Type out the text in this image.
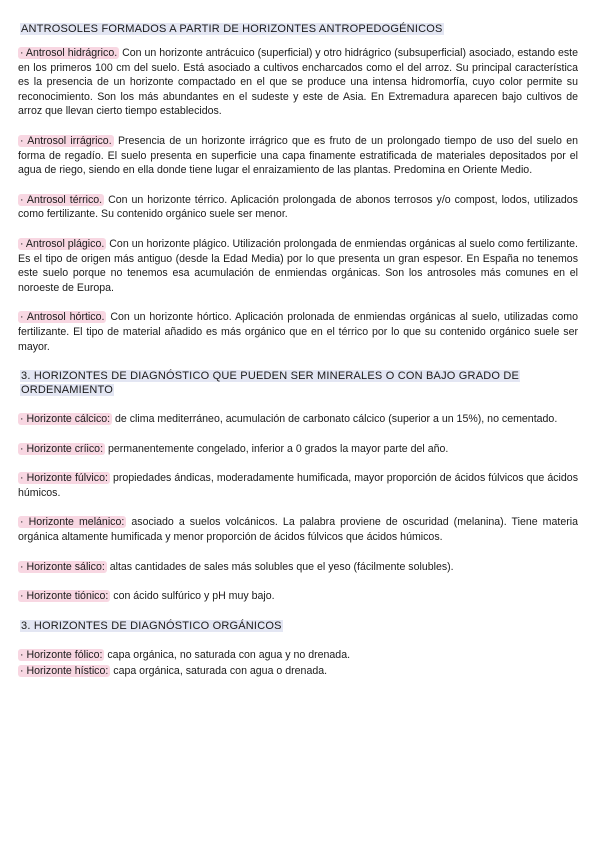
ANTROSOLES FORMADOS A PARTIR DE HORIZONTES ANTROPEDOGÉNICOS

· Antrosol hidrágrico. Con un horizonte antrácuico (superficial) y otro hidrágrico (subsuperficial) asociado, estando este en los primeros 100 cm del suelo. Está asociado a cultivos encharcados como el del arroz. Su principal característica es la presencia de un horizonte compactado en el que se produce una intensa hidromorfía, cuyo color permite su reconocimiento. Son los más abundantes en el sudeste y este de Asia. En Extremadura aparecen bajo cultivos de arroz que llevan cierto tiempo establecidos.

· Antrosol irrágrico. Presencia de un horizonte irrágrico que es fruto de un prolongado tiempo de uso del suelo en forma de regadío. El suelo presenta en superficie una capa finamente estratificada de materiales depositados por el agua de riego, siendo en ella donde tiene lugar el enraizamiento de las plantas. Predomina en Oriente Medio.

· Antrosol térrico. Con un horizonte térrico. Aplicación prolongada de abonos terrosos y/o compost, lodos, utilizados como fertilizante. Su contenido orgánico suele ser menor.

· Antrosol plágico. Con un horizonte plágico. Utilización prolongada de enmiendas orgánicas al suelo como fertilizante. Es el tipo de origen más antiguo (desde la Edad Media) por lo que presenta un gran espesor. En España no tenemos este suelo porque no tenemos esa acumulación de enmiendas orgánicas. Son los antrosoles más comunes en el noroeste de Europa.

· Antrosol hórtico. Con un horizonte hórtico. Aplicación prolonada de enmiendas orgánicas al suelo, utilizadas como fertilizante. El tipo de material añadido es más orgánico que en el térrico por lo que su contenido orgánico suele ser mayor.

3. HORIZONTES DE DIAGNÓSTICO QUE PUEDEN SER MINERALES O CON BAJO GRADO DE ORDENAMIENTO

· Horizonte cálcico: de clima mediterráneo, acumulación de carbonato cálcico (superior a un 15%), no cementado.

· Horizonte críico: permanentemente congelado, inferior a 0 grados la mayor parte del año.

· Horizonte fúlvico: propiedades ándicas, moderadamente humificada, mayor proporción de ácidos fúlvicos que ácidos húmicos.

· Horizonte melánico: asociado a suelos volcánicos. La palabra proviene de oscuridad (melanina). Tiene materia orgánica altamente humificada y menor proporción de ácidos fúlvicos que ácidos húmicos.

· Horizonte sálico: altas cantidades de sales más solubles que el yeso (fácilmente solubles).

· Horizonte tiónico: con ácido sulfúrico y pH muy bajo.

3. HORIZONTES DE DIAGNÓSTICO ORGÁNICOS

· Horizonte fólico: capa orgánica, no saturada con agua y no drenada.

· Horizonte hístico: capa orgánica, saturada con agua o drenada.
